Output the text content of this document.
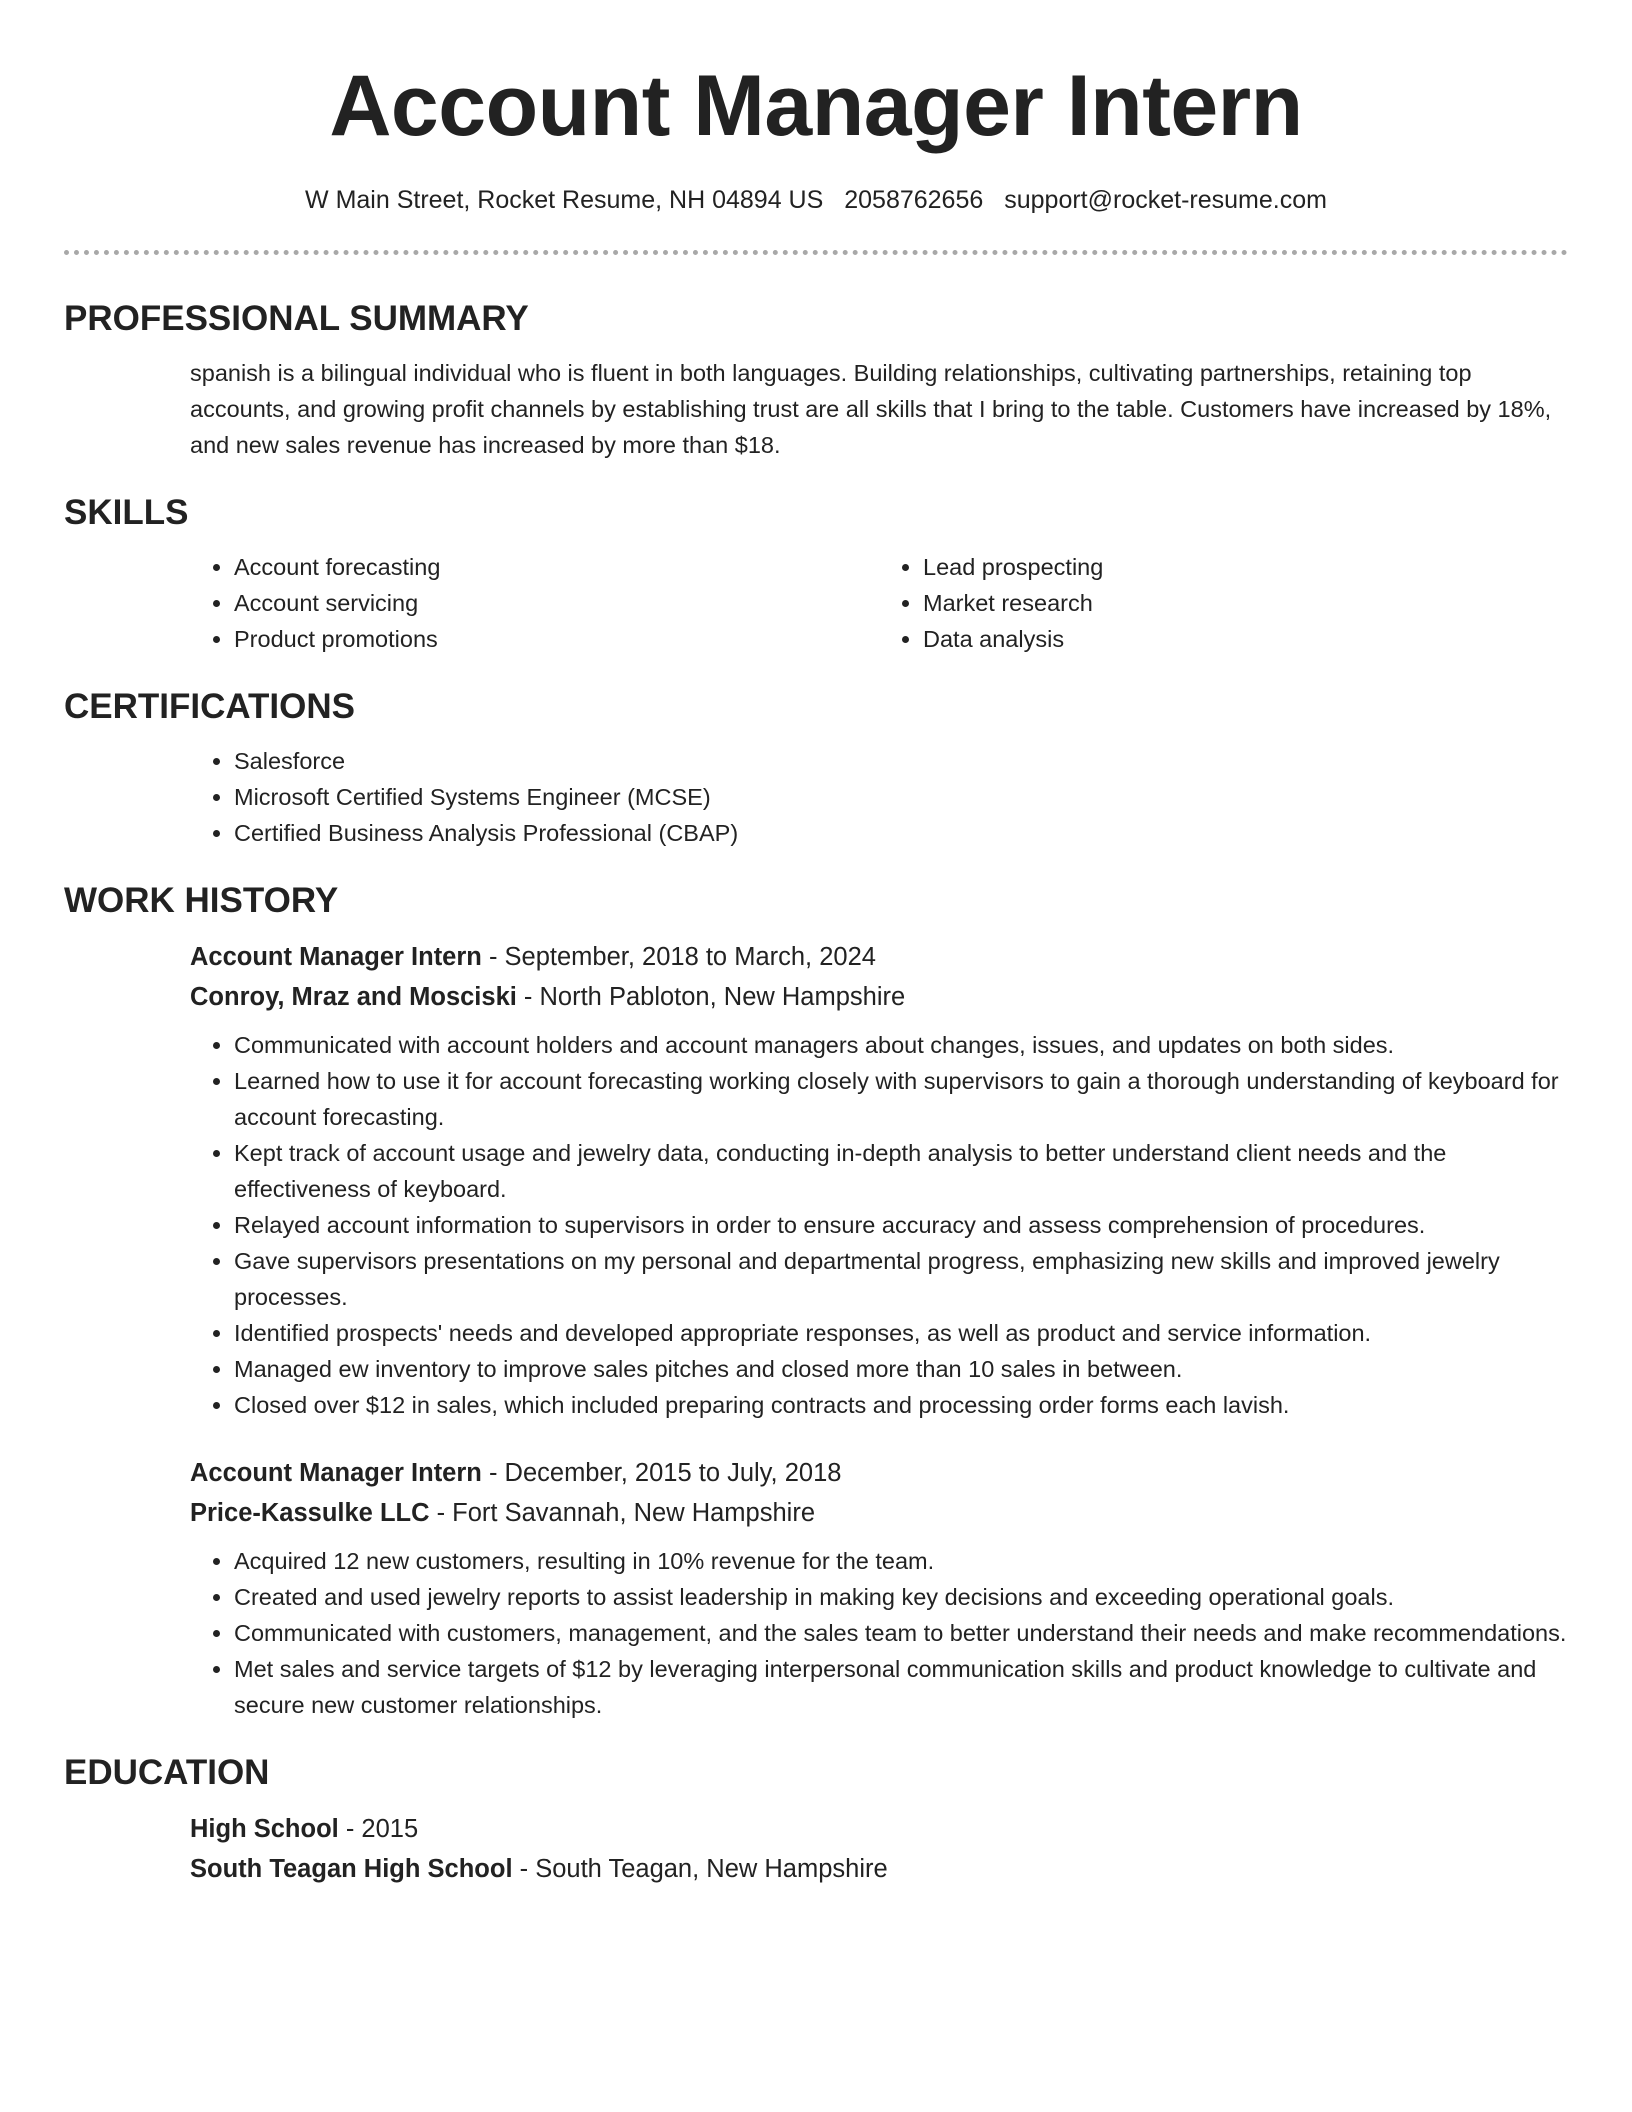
Account Manager Intern
W Main Street, Rocket Resume, NH 04894 US 2058762656 support@rocket-resume.com
PROFESSIONAL SUMMARY

spanish is a bilingual individual who is fluent in both languages. Building relationships, cultivating partnerships, retaining top accounts, and growing profit channels by establishing trust are all skills that I bring to the table. Customers have increased by 18%, and new sales revenue has increased by more than $18.

SKILLS
• Account forecasting
• Account servicing
• Product promotions
• Lead prospecting
• Market research
• Data analysis
CERTIFICATIONS
• Salesforce
• Microsoft Certified Systems Engineer (MCSE)
• Certified Business Analysis Professional (CBAP)
WORK HISTORY
Account Manager Intern - September, 2018 to March, 2024
Conroy, Mraz and Mosciski - North Pabloton, New Hampshire
• Communicated with account holders and account managers about changes, issues, and updates on both sides.
• Learned how to use it for account forecasting working closely with supervisors to gain a thorough understanding of keyboard for account forecasting.
• Kept track of account usage and jewelry data, conducting in-depth analysis to better understand client needs and the effectiveness of keyboard.
• Relayed account information to supervisors in order to ensure accuracy and assess comprehension of procedures.
• Gave supervisors presentations on my personal and departmental progress, emphasizing new skills and improved jewelry processes.
• Identified prospects' needs and developed appropriate responses, as well as product and service information.
• Managed ew inventory to improve sales pitches and closed more than 10 sales in between.
• Closed over $12 in sales, which included preparing contracts and processing order forms each lavish.
Account Manager Intern - December, 2015 to July, 2018
Price-Kassulke LLC - Fort Savannah, New Hampshire
• Acquired 12 new customers, resulting in 10% revenue for the team.
• Created and used jewelry reports to assist leadership in making key decisions and exceeding operational goals.
• Communicated with customers, management, and the sales team to better understand their needs and make recommendations.
• Met sales and service targets of $12 by leveraging interpersonal communication skills and product knowledge to cultivate and secure new customer relationships.
EDUCATION
High School - 2015
South Teagan High School - South Teagan, New Hampshire
